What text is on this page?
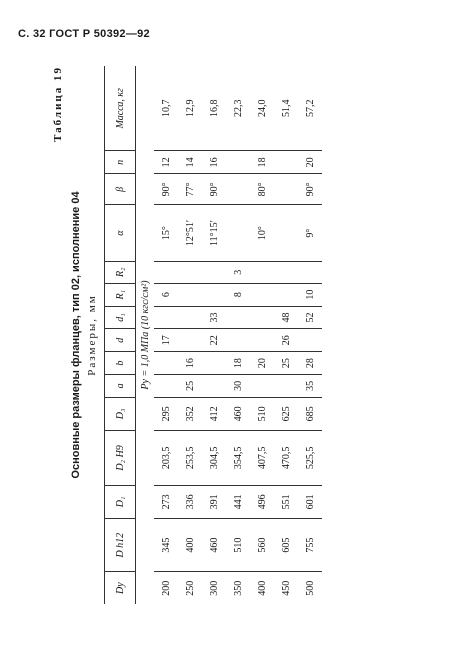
С. 32 ГОСТ Р 50392—92
Таблица 19
Основные размеры фланцев, тип 02, исполнение 04 Размеры, мм
Dу	D h12	D₁	D₂ H9	D₃	a	b	d	d₁	R₁	R₂	α	β	n	Масса, кг
Pу = 1,0 МПа (10 кгс/см²)														
200	345	273	203,5	295			17		6		15°	90°	12	10,7
250	400	336	253,5	352	25	16					12°51′	77°	14	12,9
300	460	391	304,5	412			22	33			11°15′	90°	16	16,8
350	510	441	354,5	460	30	18			8	3				22,3
400	560	496	407,5	510		20					10°	80°	18	24,0
450	605	551	470,5	625		25	26	48						51,4
500	755	601	525,5	685	35	28		52	10		9°	90°	20	57,2
